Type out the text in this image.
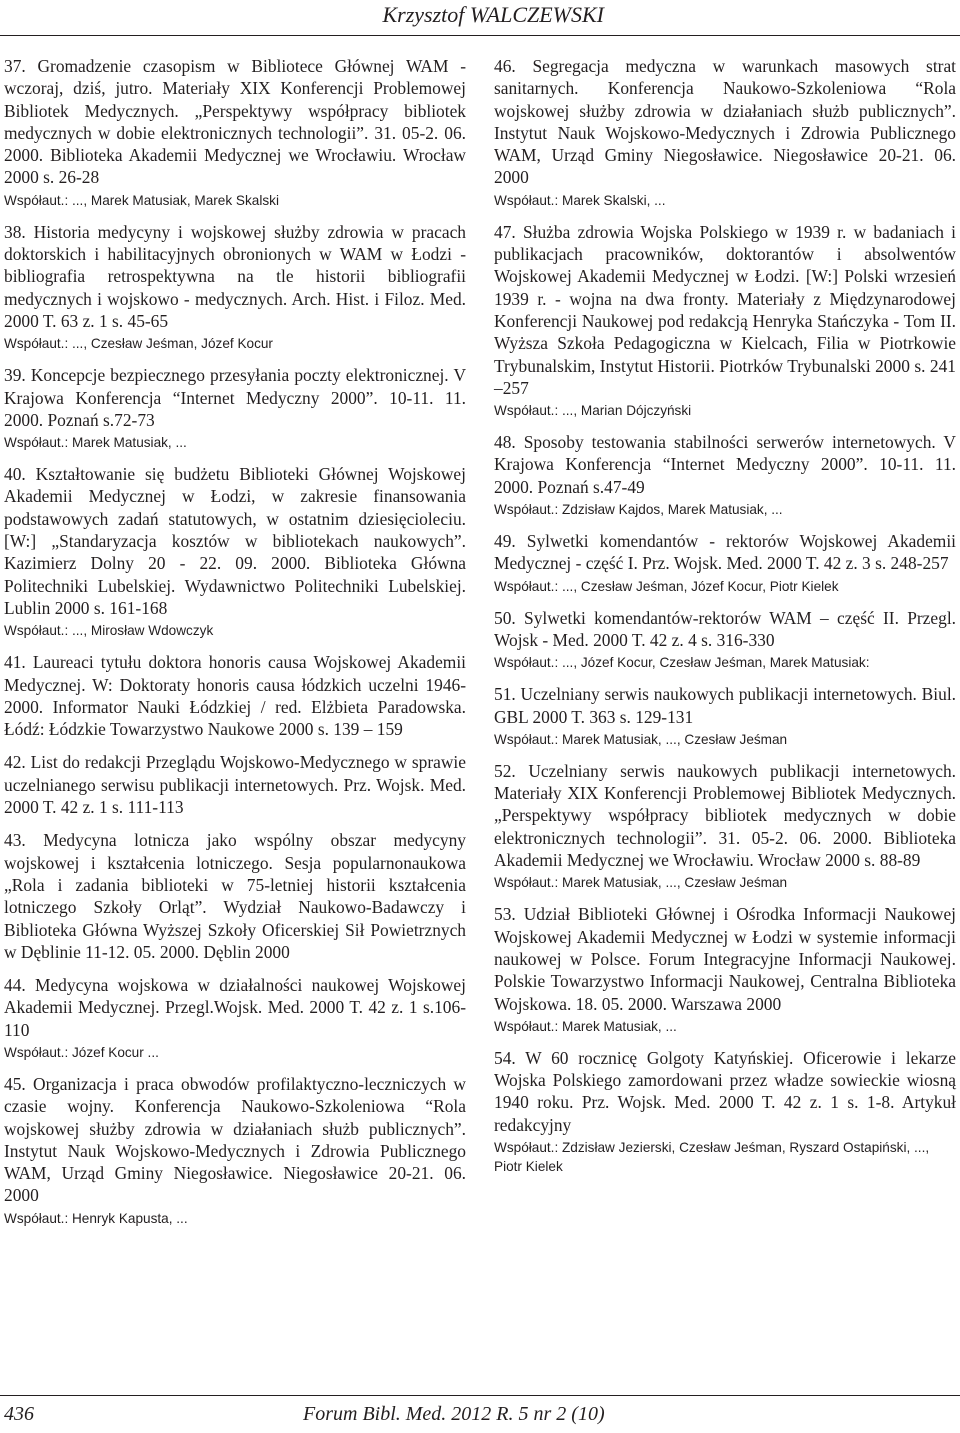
Krzysztof WALCZEWSKI

37. Gromadzenie czasopism w Bibliotece Głównej WAM - wczoraj, dziś, jutro. Materiały XIX Konferencji Problemowej Bibliotek Medycznych. „Perspektywy współpracy bibliotek medycznych w dobie elektronicznych technologii”. 31. 05-2. 06. 2000. Biblioteka Akademii Medycznej we Wrocławiu. Wrocław 2000 s. 26-28

Współaut.: ..., Marek Matusiak, Marek Skalski

38. Historia medycyny i wojskowej służby zdrowia w pracach doktorskich i habilitacyjnych obronionych w WAM w Łodzi - bibliografia retrospektywna na tle historii bibliografii medycznych i wojskowo - medycznych. Arch. Hist. i Filoz. Med. 2000 T. 63 z. 1 s. 45-65

Współaut.: ..., Czesław Jeśman, Józef Kocur

39. Koncepcje bezpiecznego przesyłania poczty elektronicznej. V Krajowa Konferencja “Internet Medyczny 2000”. 10-11. 11. 2000. Poznań s.72-73

Współaut.: Marek Matusiak, ...

40. Kształtowanie się budżetu Biblioteki Głównej Wojskowej Akademii Medycznej w Łodzi, w zakresie finansowania podstawowych zadań statutowych, w ostatnim dziesięcioleciu. [W:] „Standaryzacja kosztów w bibliotekach naukowych”. Kazimierz Dolny 20 - 22. 09. 2000. Biblioteka Główna Politechniki Lubelskiej. Wydawnictwo Politechniki Lubelskiej. Lublin 2000 s. 161-168

Współaut.: ..., Mirosław Wdowczyk

41. Laureaci tytułu doktora honoris causa Wojskowej Akademii Medycznej. W: Doktoraty honoris causa łódzkich uczelni 1946-2000. Informator Nauki Łódzkiej / red. Elżbieta Paradowska. Łódź: Łódzkie Towarzystwo Naukowe 2000 s. 139 – 159

42. List do redakcji Przeglądu Wojskowo-Medycznego w sprawie uczelnianego serwisu publikacji internetowych. Prz. Wojsk. Med. 2000 T. 42 z. 1 s. 111-113

43. Medycyna lotnicza jako wspólny obszar medycyny wojskowej i kształcenia lotniczego. Sesja popularnonaukowa „Rola i zadania biblioteki w 75-letniej historii kształcenia lotniczego Szkoły Orląt”. Wydział Naukowo-Badawczy i Biblioteka Główna Wyższej Szkoły Oficerskiej Sił Powietrznych w Dęblinie 11-12. 05. 2000. Dęblin 2000

44. Medycyna wojskowa w działalności naukowej Wojskowej Akademii Medycznej. Przegl.Wojsk. Med. 2000 T. 42 z. 1 s.106-110

Współaut.: Józef Kocur ...

45. Organizacja i praca obwodów profilaktyczno-leczniczych w czasie wojny. Konferencja Naukowo-Szkoleniowa “Rola wojskowej służby zdrowia w działaniach służb publicznych”. Instytut Nauk Wojskowo-Medycznych i Zdrowia Publicznego WAM, Urząd Gminy Niegosławice. Niegosławice 20-21. 06. 2000

Współaut.: Henryk Kapusta, ...

46. Segregacja medyczna w warunkach masowych strat sanitarnych. Konferencja Naukowo-Szkoleniowa “Rola wojskowej służby zdrowia w działaniach służb publicznych”. Instytut Nauk Wojskowo-Medycznych i Zdrowia Publicznego WAM, Urząd Gminy Niegosławice. Niegosławice 20-21. 06. 2000

Współaut.: Marek Skalski, ...

47. Służba zdrowia Wojska Polskiego w 1939 r. w badaniach i publikacjach pracowników, doktorantów i absolwentów Wojskowej Akademii Medycznej w Łodzi. [W:] Polski wrzesień 1939 r. - wojna na dwa fronty. Materiały z Międzynarodowej Konferencji Naukowej pod redakcją Henryka Stańczyka - Tom II. Wyższa Szkoła Pedagogiczna w Kielcach, Filia w Piotrkowie Trybunalskim, Instytut Historii. Piotrków Trybunalski 2000 s. 241 –257

Współaut.: ..., Marian Dójczyński

48. Sposoby testowania stabilności serwerów internetowych. V Krajowa Konferencja “Internet Medyczny 2000”. 10-11. 11. 2000. Poznań s.47-49

Współaut.: Zdzisław Kajdos, Marek Matusiak, ...

49. Sylwetki komendantów - rektorów Wojskowej Akademii Medycznej - część I. Prz. Wojsk. Med. 2000 T. 42 z. 3 s. 248-257

Współaut.: ..., Czesław Jeśman, Józef Kocur, Piotr Kielek

50. Sylwetki komendantów-rektorów WAM – część II. Przegl. Wojsk - Med. 2000 T. 42 z. 4 s. 316-330

Współaut.: ..., Józef Kocur, Czesław Jeśman, Marek Matusiak:

51. Uczelniany serwis naukowych publikacji internetowych. Biul. GBL 2000 T. 363 s. 129-131

Współaut.: Marek Matusiak, ..., Czesław Jeśman

52. Uczelniany serwis naukowych publikacji internetowych. Materiały XIX Konferencji Problemowej Bibliotek Medycznych. „Perspektywy współpracy bibliotek medycznych w dobie elektronicznych technologii”. 31. 05-2. 06. 2000. Biblioteka Akademii Medycznej we Wrocławiu. Wrocław 2000 s. 88-89

Współaut.: Marek Matusiak, ..., Czesław Jeśman

53. Udział Biblioteki Głównej i Ośrodka Informacji Naukowej Wojskowej Akademii Medycznej w Łodzi w systemie informacji naukowej w Polsce. Forum Integracyjne Informacji Naukowej. Polskie Towarzystwo Informacji Naukowej, Centralna Biblioteka Wojskowa. 18. 05. 2000. Warszawa 2000

Współaut.: Marek Matusiak, ...

54. W 60 rocznicę Golgoty Katyńskiej. Oficerowie i lekarze Wojska Polskiego zamordowani przez władze sowieckie wiosną 1940 roku. Prz. Wojsk. Med. 2000 T. 42 z. 1 s. 1-8. Artykuł redakcyjny

Współaut.: Zdzisław Jezierski, Czesław Jeśman, Ryszard Ostapiński, ..., Piotr Kielek

436	Forum Bibl. Med. 2012 R. 5 nr 2 (10)
